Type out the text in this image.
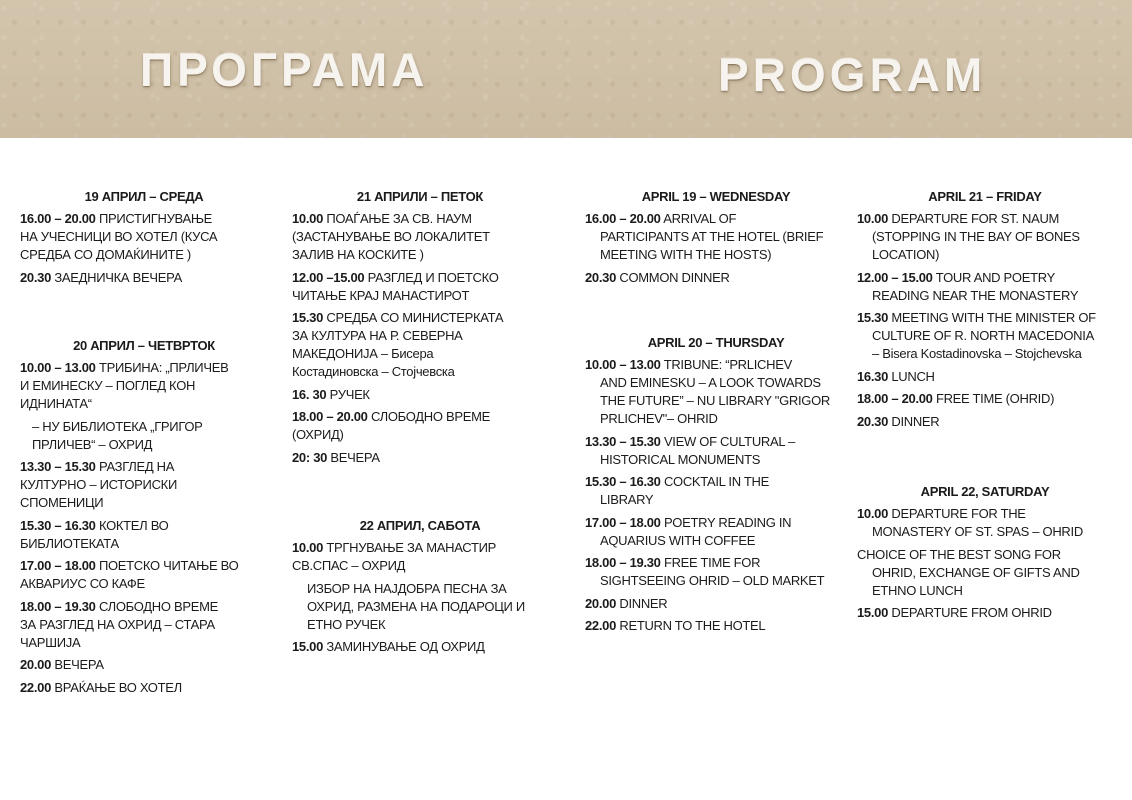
ПРОГРАМА	PROGRAM
19 АПРИЛ – СРЕДА

16.00 – 20.00 ПРИСТИГНУВАЊЕ
НА УЧЕСНИЦИ ВО ХОТЕЛ (КУСА
СРЕДБА СО ДОМАЌИНИТЕ )

20.30 ЗАЕДНИЧКА ВЕЧЕРА

20 АПРИЛ – ЧЕТВРТОК

10.00 – 13.00 ТРИБИНА: „ПРЛИЧЕВ
И ЕМИНЕСКУ – ПОГЛЕД КОН
ИДНИНАТА“

– НУ БИБЛИОТЕКА „ГРИГОР
ПРЛИЧЕВ“ – ОХРИД

13.30 – 15.30 РАЗГЛЕД НА
КУЛТУРНО – ИСТОРИСКИ
СПОМЕНИЦИ

15.30 – 16.30 КОКТЕЛ ВО
БИБЛИОТЕКАТА

17.00 – 18.00 ПОЕТСКО ЧИТАЊЕ ВО
АКВАРИУС СО КАФЕ

18.00 – 19.30 СЛОБОДНО ВРЕМЕ
ЗА РАЗГЛЕД НА ОХРИД – СТАРА
ЧАРШИЈА

20.00 ВЕЧЕРА

22.00 ВРАЌАЊЕ ВО ХОТЕЛ

21 АПРИЛИ – ПЕТОК

10.00 ПОАЃАЊЕ ЗА СВ. НАУМ
(ЗАСТАНУВАЊЕ ВО ЛОКАЛИТЕТ
ЗАЛИВ НА КОСКИТЕ )

12.00 –15.00 РАЗГЛЕД И ПОЕТСКО
ЧИТАЊЕ КРАЈ МАНАСТИРОТ

15.30 СРЕДБА СО МИНИСТЕРКАТА
ЗА КУЛТУРА НА Р. СЕВЕРНА
МАКЕДОНИЈА – Бисера
Костадиновска – Стојчевска

16. 30 РУЧЕК

18.00 – 20.00 СЛОБОДНО ВРЕМЕ
(ОХРИД)

20: 30 ВЕЧЕРА

22 АПРИЛ, САБОТА

10.00 ТРГНУВАЊЕ ЗА МАНАСТИР
СВ.СПАС – ОХРИД

ИЗБОР НА НАЈДОБРА ПЕСНА ЗА
ОХРИД, РАЗМЕНА НА ПОДАРОЦИ И
ЕТНО РУЧЕК

15.00 ЗАМИНУВАЊЕ ОД ОХРИД

APRIL 19 – WEDNESDAY

16.00 – 20.00 ARRIVAL OF
PARTICIPANTS AT THE HOTEL (BRIEF
MEETING WITH THE HOSTS)

20.30 COMMON DINNER

APRIL 20 – THURSDAY

10.00 – 13.00 TRIBUNE: “PRLICHEV
AND EMINESKU – A LOOK TOWARDS
THE FUTURE” – NU LIBRARY "GRIGOR
PRLICHEV"– OHRID

13.30 – 15.30 VIEW OF CULTURAL –
HISTORICAL MONUMENTS

15.30 – 16.30 COCKTAIL IN THE
LIBRARY

17.00 – 18.00 POETRY READING IN
AQUARIUS WITH COFFEE

18.00 – 19.30 FREE TIME FOR
SIGHTSEEING OHRID – OLD MARKET

20.00 DINNER

22.00 RETURN TO THE HOTEL

APRIL 21 – FRIDAY

10.00 DEPARTURE FOR ST. NAUM
(STOPPING IN THE BAY OF BONES
LOCATION)

12.00 – 15.00 TOUR AND POETRY
READING NEAR THE MONASTERY

15.30 MEETING WITH THE MINISTER OF
CULTURE OF R. NORTH MACEDONIA
– Bisera Kostadinovska – Stojchevska

16.30 LUNCH

18.00 – 20.00 FREE TIME (OHRID)

20.30 DINNER

APRIL 22, SATURDAY

10.00 DEPARTURE FOR THE
MONASTERY OF ST. SPAS – OHRID

CHOICE OF THE BEST SONG FOR
OHRID, EXCHANGE OF GIFTS AND
ETHNO LUNCH

15.00 DEPARTURE FROM OHRID
